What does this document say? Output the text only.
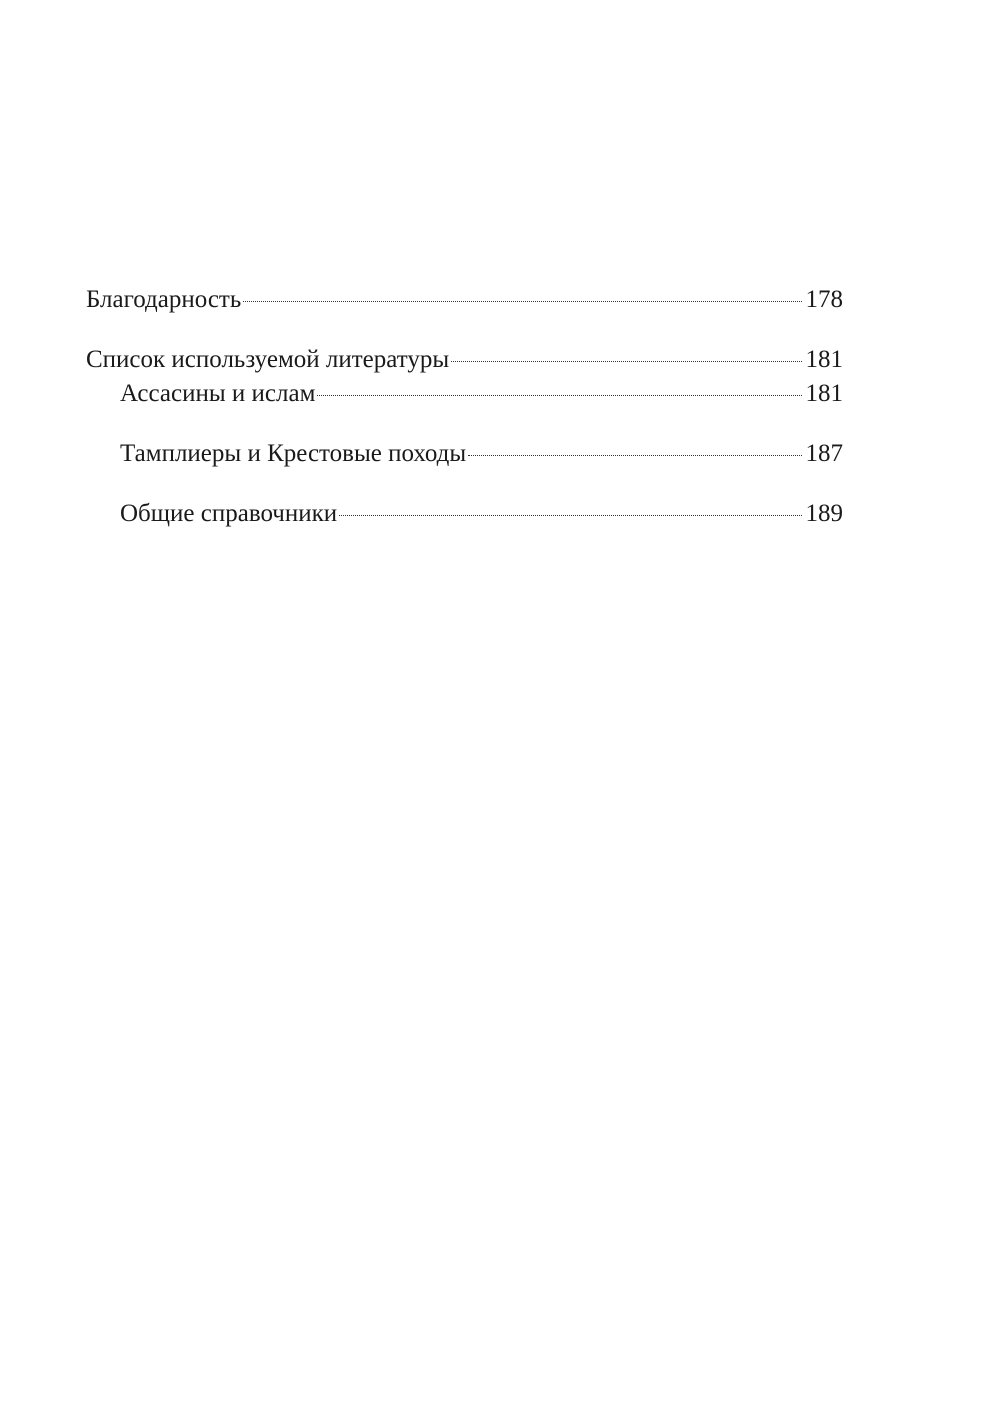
Благодарность	178
Список используемой литературы	181
Ассасины и ислам	181
Тамплиеры и Крестовые походы	187
Общие справочники	189
